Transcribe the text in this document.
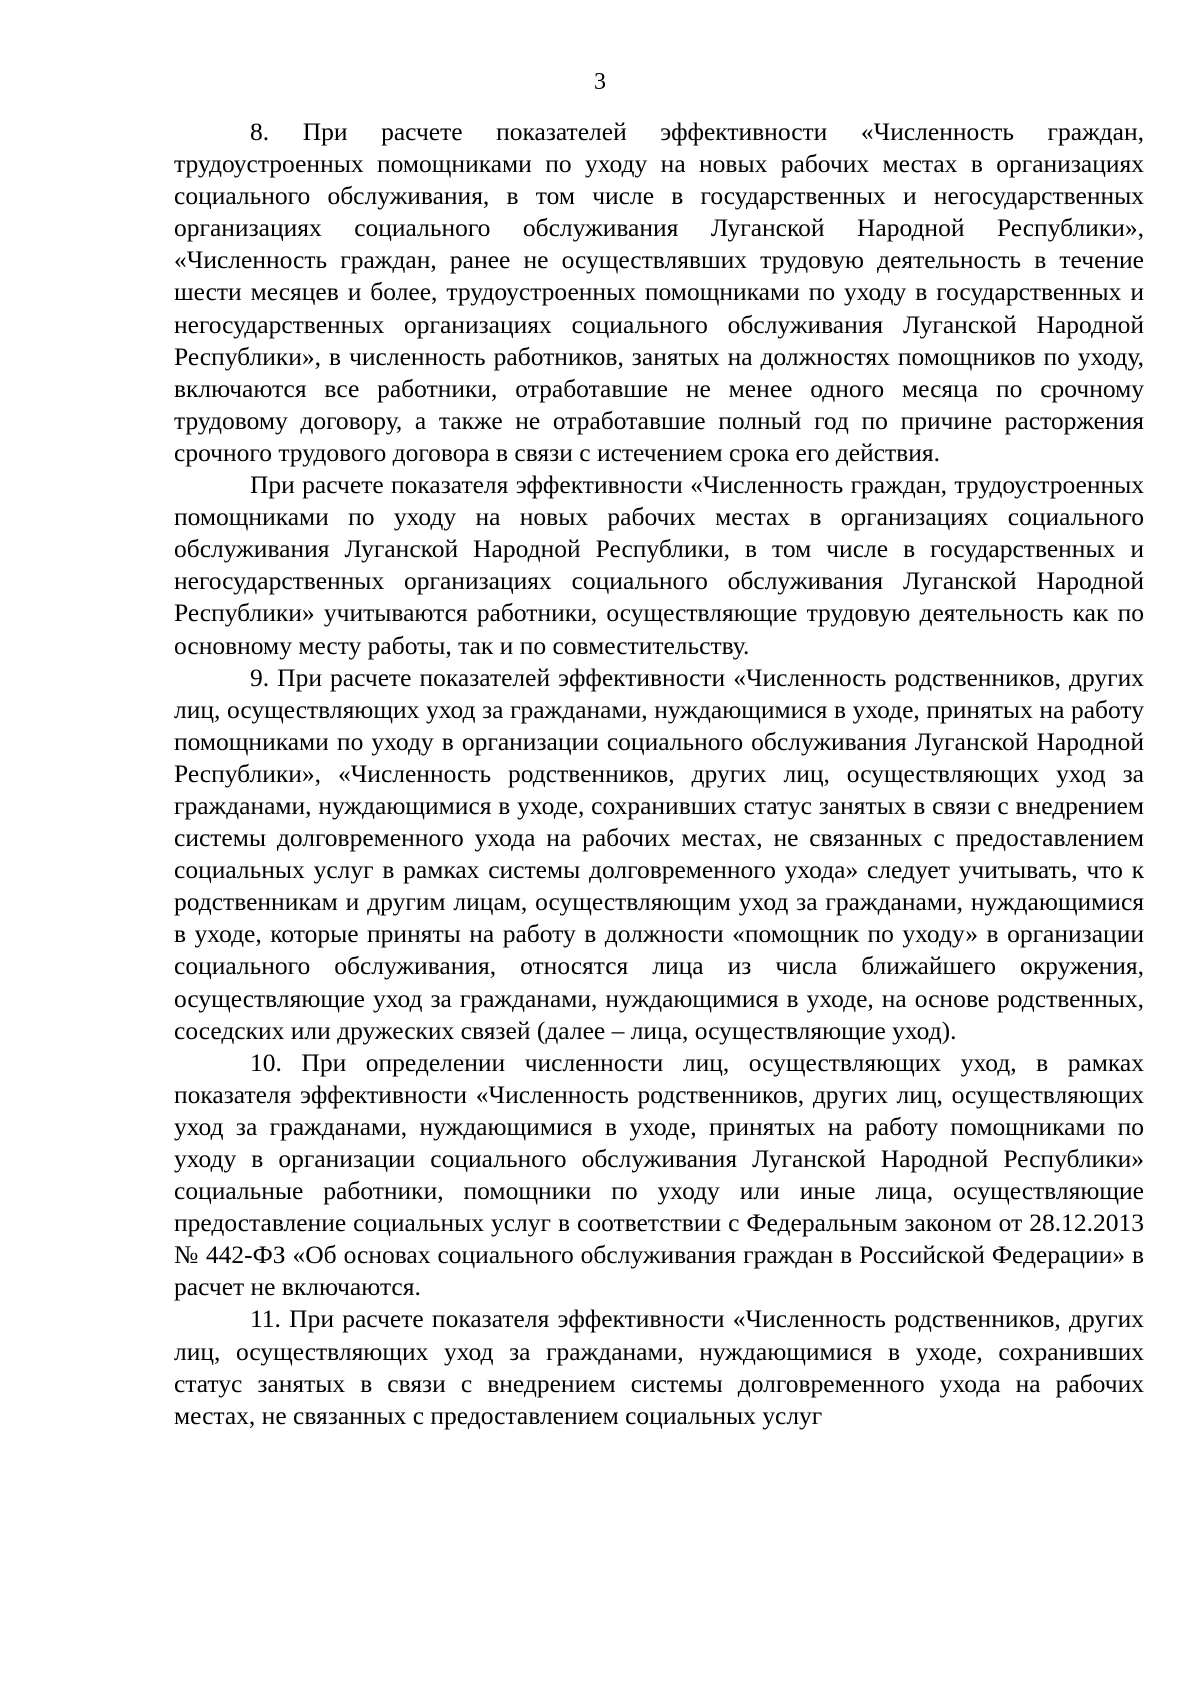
3

8. При расчете показателей эффективности «Численность граждан, трудоустроенных помощниками по уходу на новых рабочих местах в организациях социального обслуживания, в том числе в государственных и негосударственных организациях социального обслуживания Луганской Народной Республики», «Численность граждан, ранее не осуществлявших трудовую деятельность в течение шести месяцев и более, трудоустроенных помощниками по уходу в государственных и негосударственных организациях социального обслуживания Луганской Народной Республики», в численность работников, занятых на должностях помощников по уходу, включаются все работники, отработавшие не менее одного месяца по срочному трудовому договору, а также не отработавшие полный год по причине расторжения срочного трудового договора в связи с истечением срока его действия.

При расчете показателя эффективности «Численность граждан, трудоустроенных помощниками по уходу на новых рабочих местах в организациях социального обслуживания Луганской Народной Республики, в том числе в государственных и негосударственных организациях социального обслуживания Луганской Народной Республики» учитываются работники, осуществляющие трудовую деятельность как по основному месту работы, так и по совместительству.

9. При расчете показателей эффективности «Численность родственников, других лиц, осуществляющих уход за гражданами, нуждающимися в уходе, принятых на работу помощниками по уходу в организации социального обслуживания Луганской Народной Республики», «Численность родственников, других лиц, осуществляющих уход за гражданами, нуждающимися в уходе, сохранивших статус занятых в связи с внедрением системы долговременного ухода на рабочих местах, не связанных с предоставлением социальных услуг в рамках системы долговременного ухода» следует учитывать, что к родственникам и другим лицам, осуществляющим уход за гражданами, нуждающимися в уходе, которые приняты на работу в должности «помощник по уходу» в организации социального обслуживания, относятся лица из числа ближайшего окружения, осуществляющие уход за гражданами, нуждающимися в уходе, на основе родственных, соседских или дружеских связей (далее – лица, осуществляющие уход).

10. При определении численности лиц, осуществляющих уход, в рамках показателя эффективности «Численность родственников, других лиц, осуществляющих уход за гражданами, нуждающимися в уходе, принятых на работу помощниками по уходу в организации социального обслуживания Луганской Народной Республики» социальные работники, помощники по уходу или иные лица, осуществляющие предоставление социальных услуг в соответствии с Федеральным законом от 28.12.2013 № 442-ФЗ «Об основах социального обслуживания граждан в Российской Федерации» в расчет не включаются.

11. При расчете показателя эффективности «Численность родственников, других лиц, осуществляющих уход за гражданами, нуждающимися в уходе, сохранивших статус занятых в связи с внедрением системы долговременного ухода на рабочих местах, не связанных с предоставлением социальных услуг
